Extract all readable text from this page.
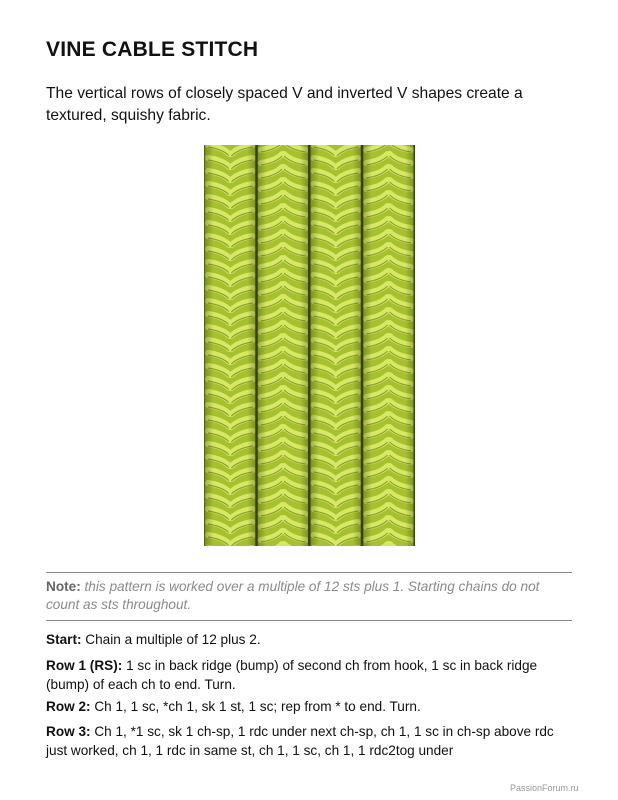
VINE CABLE STITCH
The vertical rows of closely spaced V and inverted V shapes create a textured, squishy fabric.
Note: this pattern is worked over a multiple of 12 sts plus 1. Starting chains do not count as sts throughout.
Start: Chain a multiple of 12 plus 2.
Row 1 (RS): 1 sc in back ridge (bump) of second ch from hook, 1 sc in back ridge (bump) of each ch to end. Turn.
Row 2: Ch 1, 1 sc, *ch 1, sk 1 st, 1 sc; rep from * to end. Turn.
Row 3: Ch 1, *1 sc, sk 1 ch-sp, 1 rdc under next ch-sp, ch 1, 1 sc in ch-sp above rdc just worked, ch 1, 1 rdc in same st, ch 1, 1 sc, ch 1, 1 rdc2tog under
PassionForum.ru
